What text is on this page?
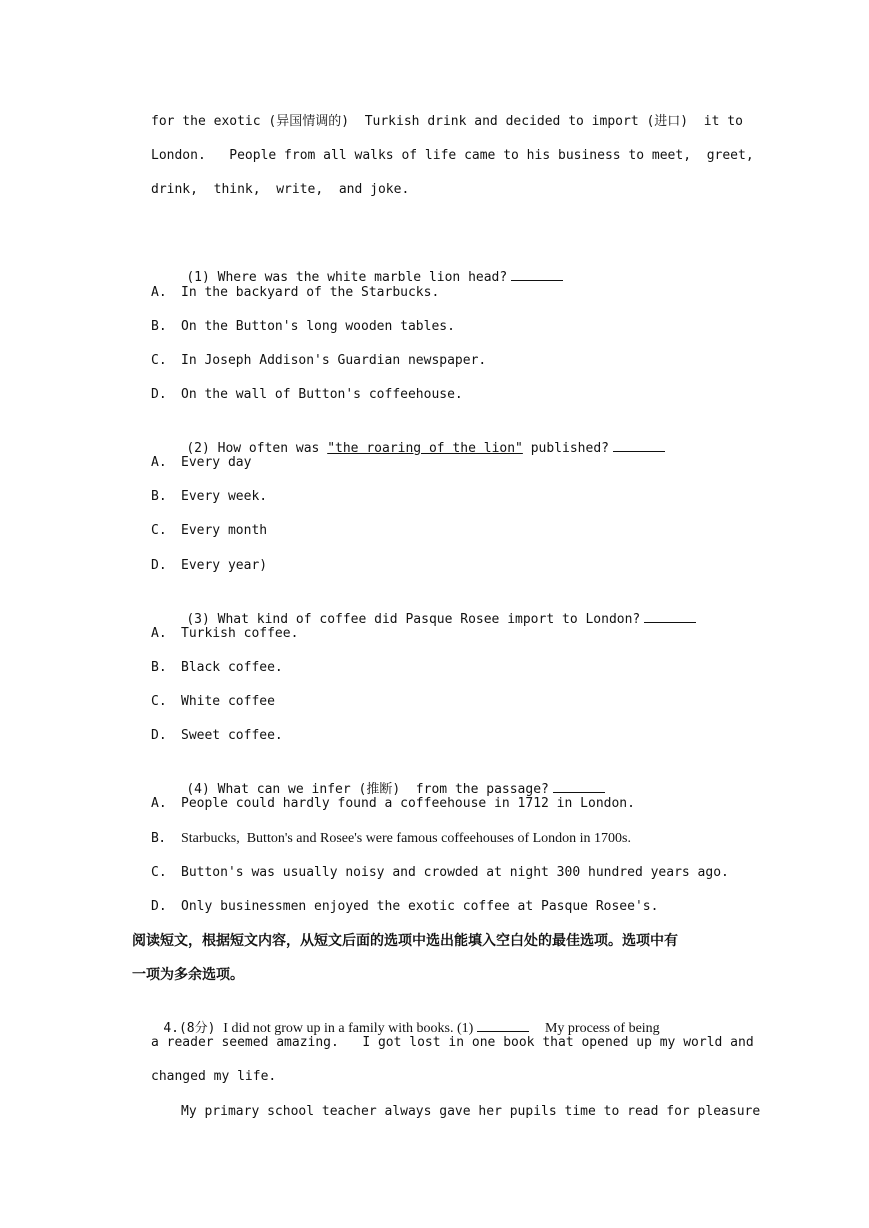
for the exotic (异国情调的)  Turkish drink and decided to import (进口)  it to
London.   People from all walks of life came to his business to meet,  greet,
drink,  think,  write,  and joke.

(1) Where was the white marble lion head?

A. In the backyard of the Starbucks.
B. On the Button's long wooden tables.
C. In Joseph Addison's Guardian newspaper.
D. On the wall of Button's coffeehouse.

(2) How often was "the roaring of the lion" published?

A. Every day
B. Every week.
C. Every month
D. Every year)

(3) What kind of coffee did Pasque Rosee import to London?

A. Turkish coffee.
B. Black coffee.
C. White coffee
D. Sweet coffee.

(4) What can we infer (推断)  from the passage?

A. People could hardly found a coffeehouse in 1712 in London.
B. Starbucks,  Button's and Rosee's were famous coffeehouses of London in 1700s.
C. Button's was usually noisy and crowded at night 300 hundred years ago.
D. Only businessmen enjoyed the exotic coffee at Pasque Rosee's.
阅读短文，根据短文内容，从短文后面的选项中选出能填入空白处的最佳选项。选项中有
一项为多余选项。

4.(8分) I did not grow up in a family with books. (1)	My process of being

a reader seemed amazing.   I got lost in one book that opened up my world and
changed my life.
My primary school teacher always gave her pupils time to read for pleasure
